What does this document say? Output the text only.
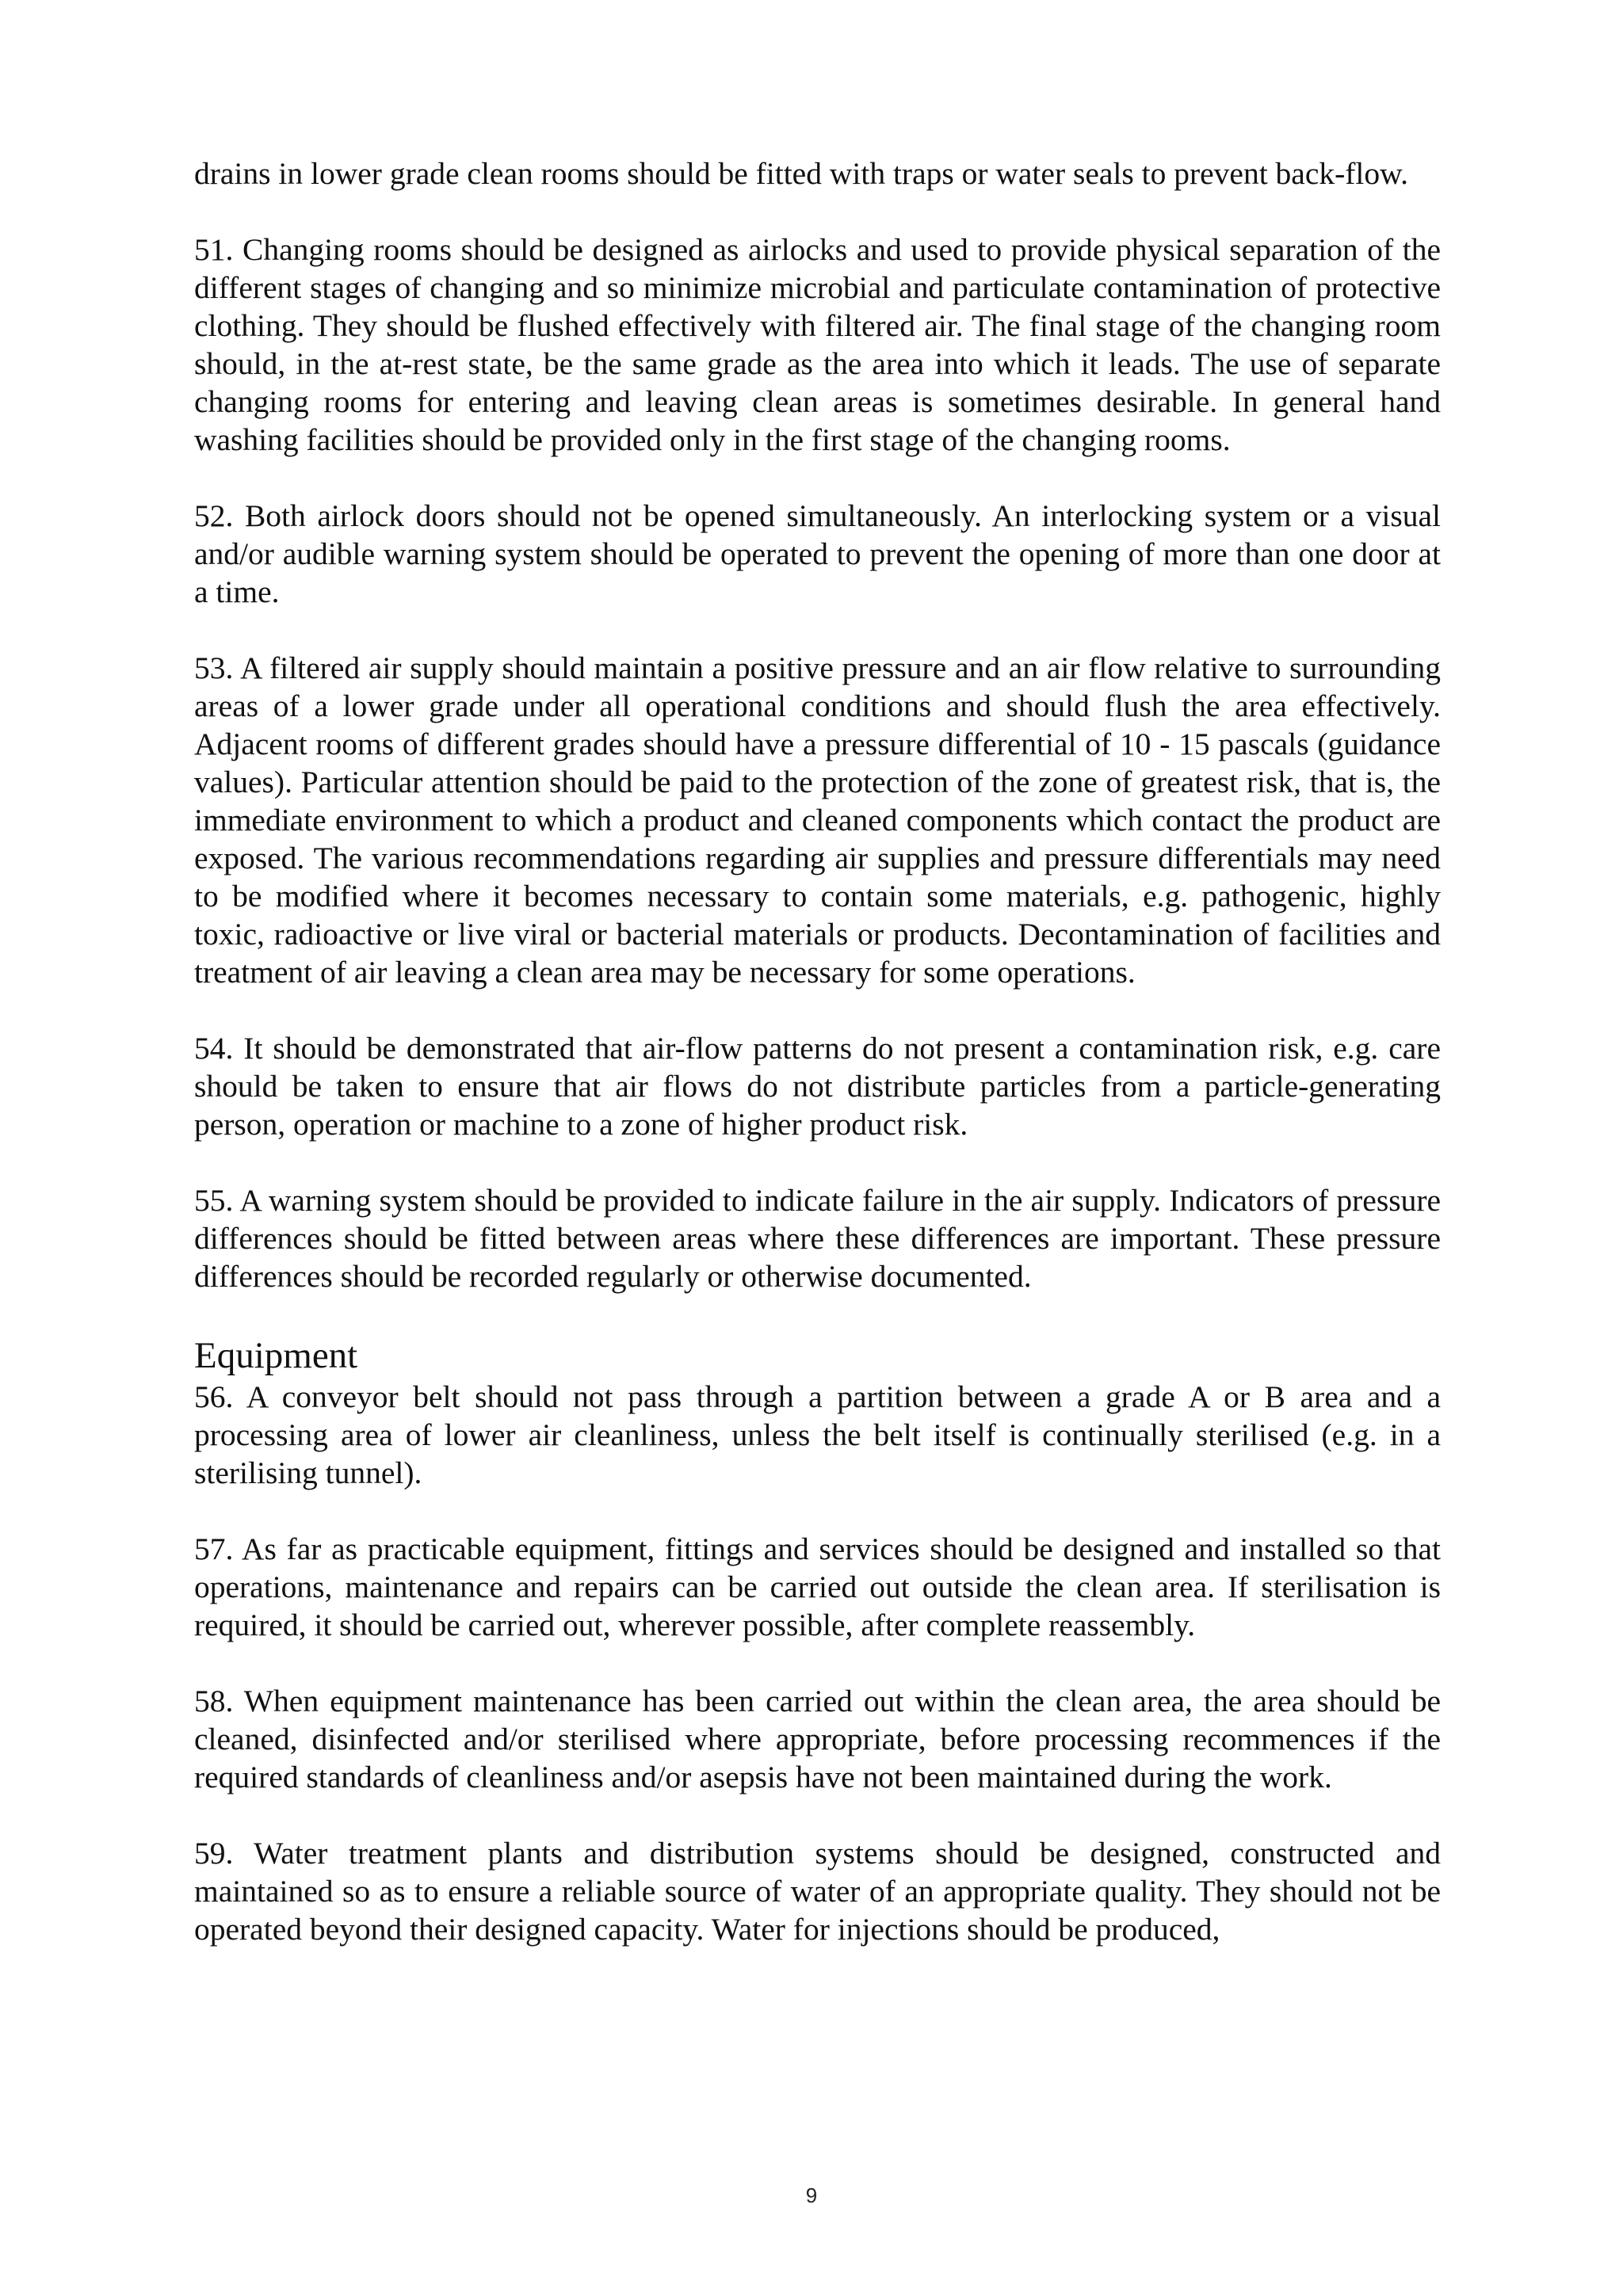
drains in lower grade clean rooms should be fitted with traps or water seals to prevent back-flow.

51. Changing rooms should be designed as airlocks and used to provide physical separation of the different stages of changing and so minimize microbial and particulate contamination of protective clothing. They should be flushed effectively with filtered air. The final stage of the changing room should, in the at-rest state, be the same grade as the area into which it leads. The use of separate changing rooms for entering and leaving clean areas is sometimes desirable. In general hand washing facilities should be provided only in the first stage of the changing rooms.

52. Both airlock doors should not be opened simultaneously. An interlocking system or a visual and/or audible warning system should be operated to prevent the opening of more than one door at a time.

53. A filtered air supply should maintain a positive pressure and an air flow relative to surrounding areas of a lower grade under all operational conditions and should flush the area effectively. Adjacent rooms of different grades should have a pressure differential of 10 - 15 pascals (guidance values). Particular attention should be paid to the protection of the zone of greatest risk, that is, the immediate environment to which a product and cleaned components which contact the product are exposed. The various recommendations regarding air supplies and pressure differentials may need to be modified where it becomes necessary to contain some materials, e.g. pathogenic, highly toxic, radioactive or live viral or bacterial materials or products. Decontamination of facilities and treatment of air leaving a clean area may be necessary for some operations.

54. It should be demonstrated that air-flow patterns do not present a contamination risk, e.g. care should be taken to ensure that air flows do not distribute particles from a particle-generating person, operation or machine to a zone of higher product risk.

55. A warning system should be provided to indicate failure in the air supply. Indicators of pressure differences should be fitted between areas where these differences are important. These pressure differences should be recorded regularly or otherwise documented.

Equipment

56. A conveyor belt should not pass through a partition between a grade A or B area and a processing area of lower air cleanliness, unless the belt itself is continually sterilised (e.g. in a sterilising tunnel).

57. As far as practicable equipment, fittings and services should be designed and installed so that operations, maintenance and repairs can be carried out outside the clean area. If sterilisation is required, it should be carried out, wherever possible, after complete reassembly.

58. When equipment maintenance has been carried out within the clean area, the area should be cleaned, disinfected and/or sterilised where appropriate, before processing recommences if the required standards of cleanliness and/or asepsis have not been maintained during the work.

59. Water treatment plants and distribution systems should be designed, constructed and maintained so as to ensure a reliable source of water of an appropriate quality. They should not be operated beyond their designed capacity. Water for injections should be produced,

9
